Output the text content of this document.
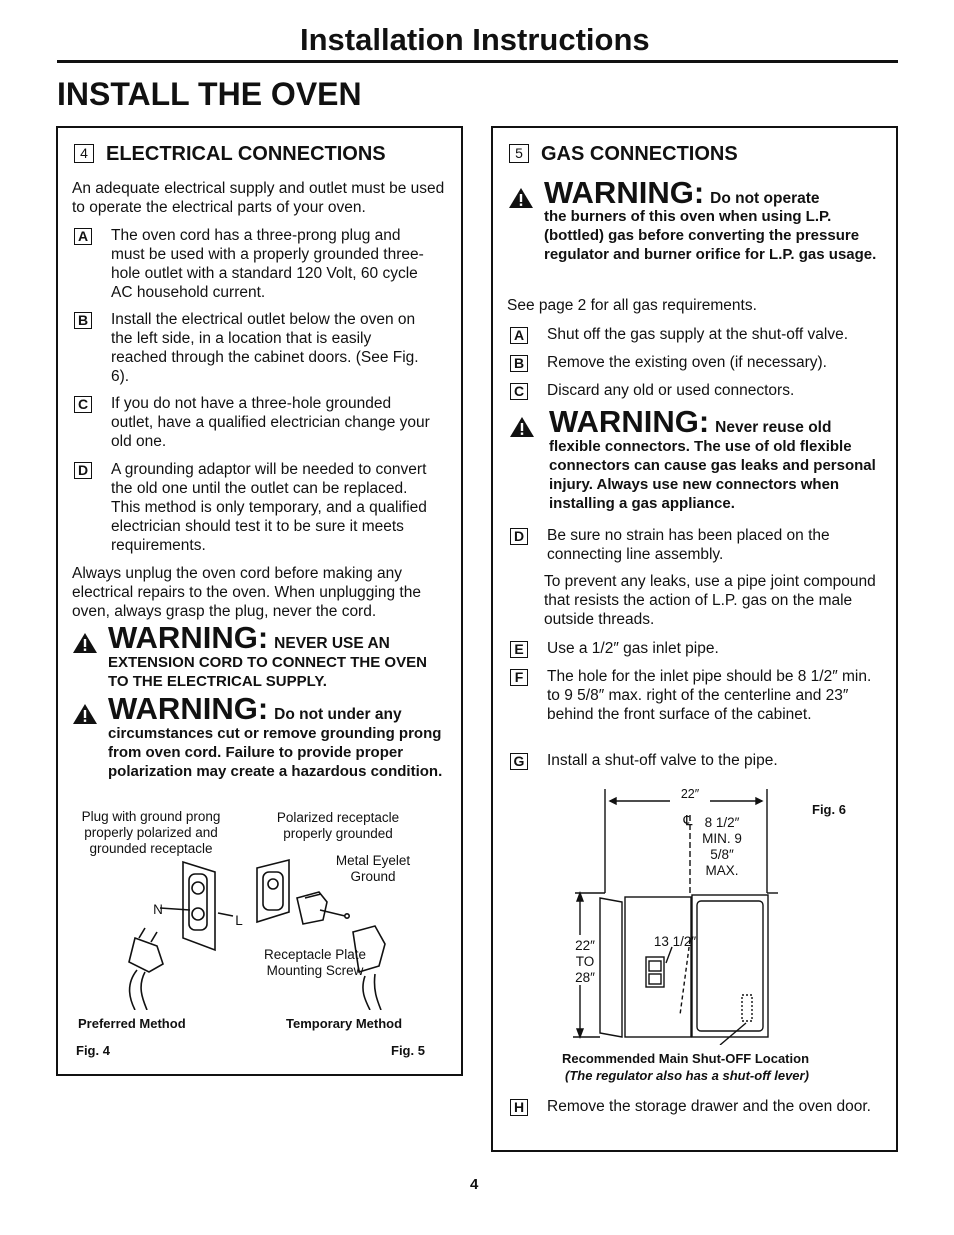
Installation Instructions
INSTALL THE OVEN
4 ELECTRICAL CONNECTIONS
An adequate electrical supply and outlet must be used to operate the electrical parts of your oven.
A The oven cord has a three-prong plug and must be used with a properly grounded three-hole outlet with a standard 120 Volt, 60 cycle AC household current.
B Install the electrical outlet below the oven on the left side, in a location that is easily reached through the cabinet doors. (See Fig. 6).
C If you do not have a three-hole grounded outlet, have a qualified electrician change your old one.
D A grounding adaptor will be needed to convert the old one until the outlet can be replaced. This method is only temporary, and a qualified electrician should test it to be sure it meets requirements.
Always unplug the oven cord before making any electrical repairs to the oven. When unplugging the oven, always grasp the plug, never the cord.
WARNING: NEVER USE AN
EXTENSION CORD TO CONNECT THE OVEN TO THE ELECTRICAL SUPPLY.
WARNING: Do not under any
circumstances cut or remove grounding prong from oven cord. Failure to provide proper polarization may create a hazardous condition.
Plug with ground prong properly polarized and grounded receptacle
Polarized receptacle properly grounded
Metal Eyelet Ground
N
L
Receptacle Plate Mounting Screw
Preferred Method	Temporary Method
Fig. 4	Fig. 5
5 GAS CONNECTIONS
WARNING: Do not operate
the burners of this oven when using L.P. (bottled) gas before converting the pressure regulator and burner orifice for L.P. gas usage.
See page 2 for all gas requirements.
A Shut off the gas supply at the shut-off valve.
B Remove the existing oven (if necessary).
C Discard any old or used connectors.
WARNING: Never reuse old
flexible connectors. The use of old flexible connectors can cause gas leaks and personal injury. Always use new connectors when installing a gas appliance.
D Be sure no strain has been placed on the connecting line assembly.
To prevent any leaks, use a pipe joint compound that resists the action of L.P. gas on the male outside threads.
E Use a 1/2″ gas inlet pipe.
F	The hole for the inlet pipe should be 8 1/2″ min. to 9 5/8″ max. right of the centerline and 23″ behind the front surface of the cabinet.
G Install a shut-off valve to the pipe.
22″
℄ 8 1/2″ MIN. 9 5/8″ MAX.
22″ TO 28″
13 1/2″
Fig. 6
Recommended Main Shut-OFF Location
(The regulator also has a shut-off lever)
H Remove the storage drawer and the oven door.
4
